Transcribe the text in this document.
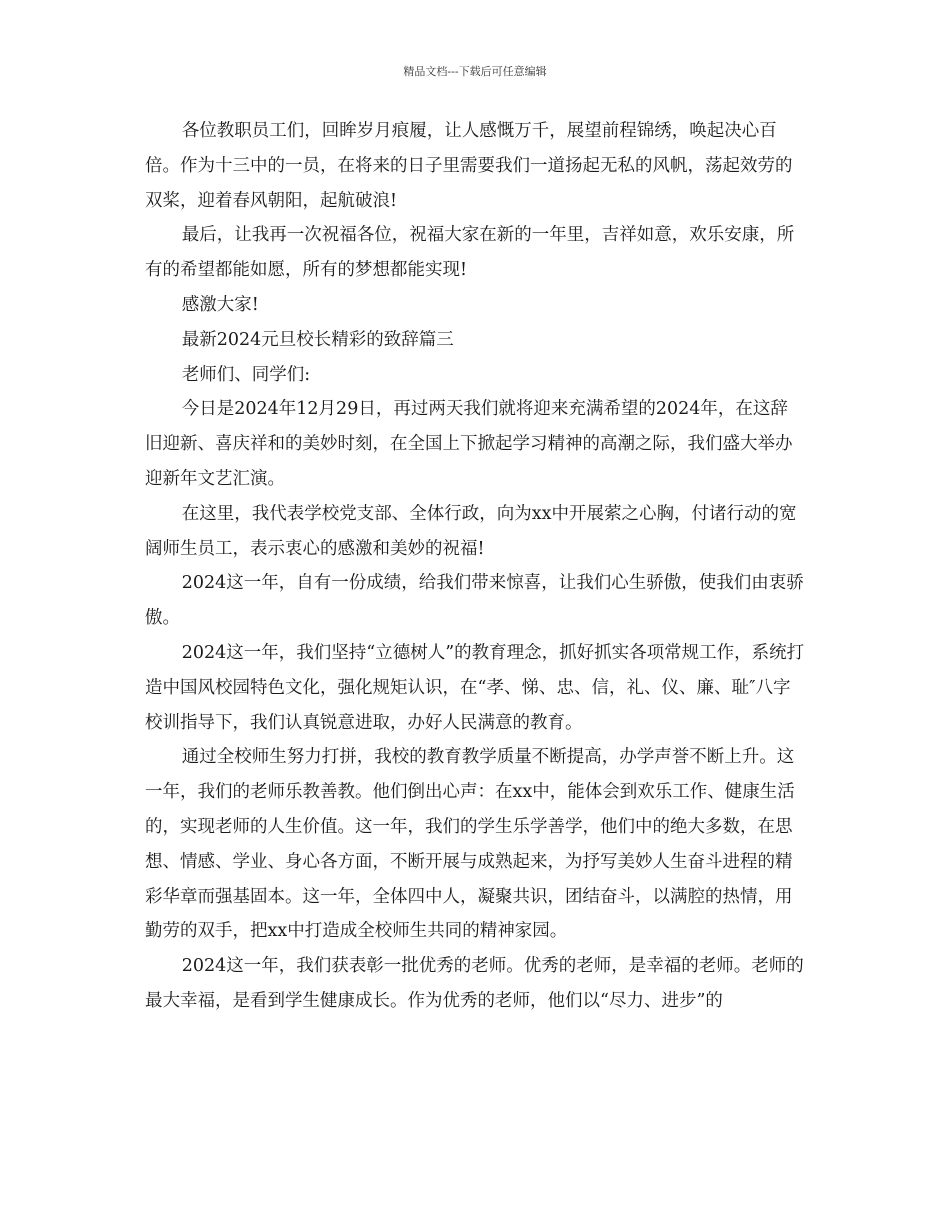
精品文档---下载后可任意编辑

各位教职员工们，回眸岁月痕履，让人感慨万千，展望前程锦绣，唤起决心百倍。作为十三中的一员，在将来的日子里需要我们一道扬起无私的风帆，荡起效劳的双桨，迎着春风朝阳，起航破浪!

最后，让我再一次祝福各位，祝福大家在新的一年里，吉祥如意，欢乐安康，所有的希望都能如愿，所有的梦想都能实现!

感激大家!

最新2024元旦校长精彩的致辞篇三

老师们、同学们:

今日是2024年12月29日，再过两天我们就将迎来充满希望的2024年，在这辞旧迎新、喜庆祥和的美妙时刻，在全国上下掀起学习精神的高潮之际，我们盛大举办迎新年文艺汇演。

在这里，我代表学校党支部、全体行政，向为xx中开展萦之心胸，付诸行动的宽阔师生员工，表示衷心的感激和美妙的祝福!

2024这一年，自有一份成绩，给我们带来惊喜，让我们心生骄傲，使我们由衷骄傲。

2024这一年，我们坚持“立德树人”的教育理念，抓好抓实各项常规工作，系统打造中国风校园特色文化，强化规矩认识，在“孝、悌、忠、信，礼、仪、廉、耻″八字校训指导下，我们认真锐意进取，办好人民满意的教育。

通过全校师生努力打拼，我校的教育教学质量不断提高，办学声誉不断上升。这一年，我们的老师乐教善教。他们倒出心声：在xx中，能体会到欢乐工作、健康生活的，实现老师的人生价值。这一年，我们的学生乐学善学，他们中的绝大多数，在思想、情感、学业、身心各方面，不断开展与成熟起来，为抒写美妙人生奋斗进程的精彩华章而强基固本。这一年，全体四中人，凝聚共识，团结奋斗，以满腔的热情，用勤劳的双手，把xx中打造成全校师生共同的精神家园。

2024这一年，我们获表彰一批优秀的老师。优秀的老师，是幸福的老师。老师的最大幸福，是看到学生健康成长。作为优秀的老师，他们以“尽力、进步”的
